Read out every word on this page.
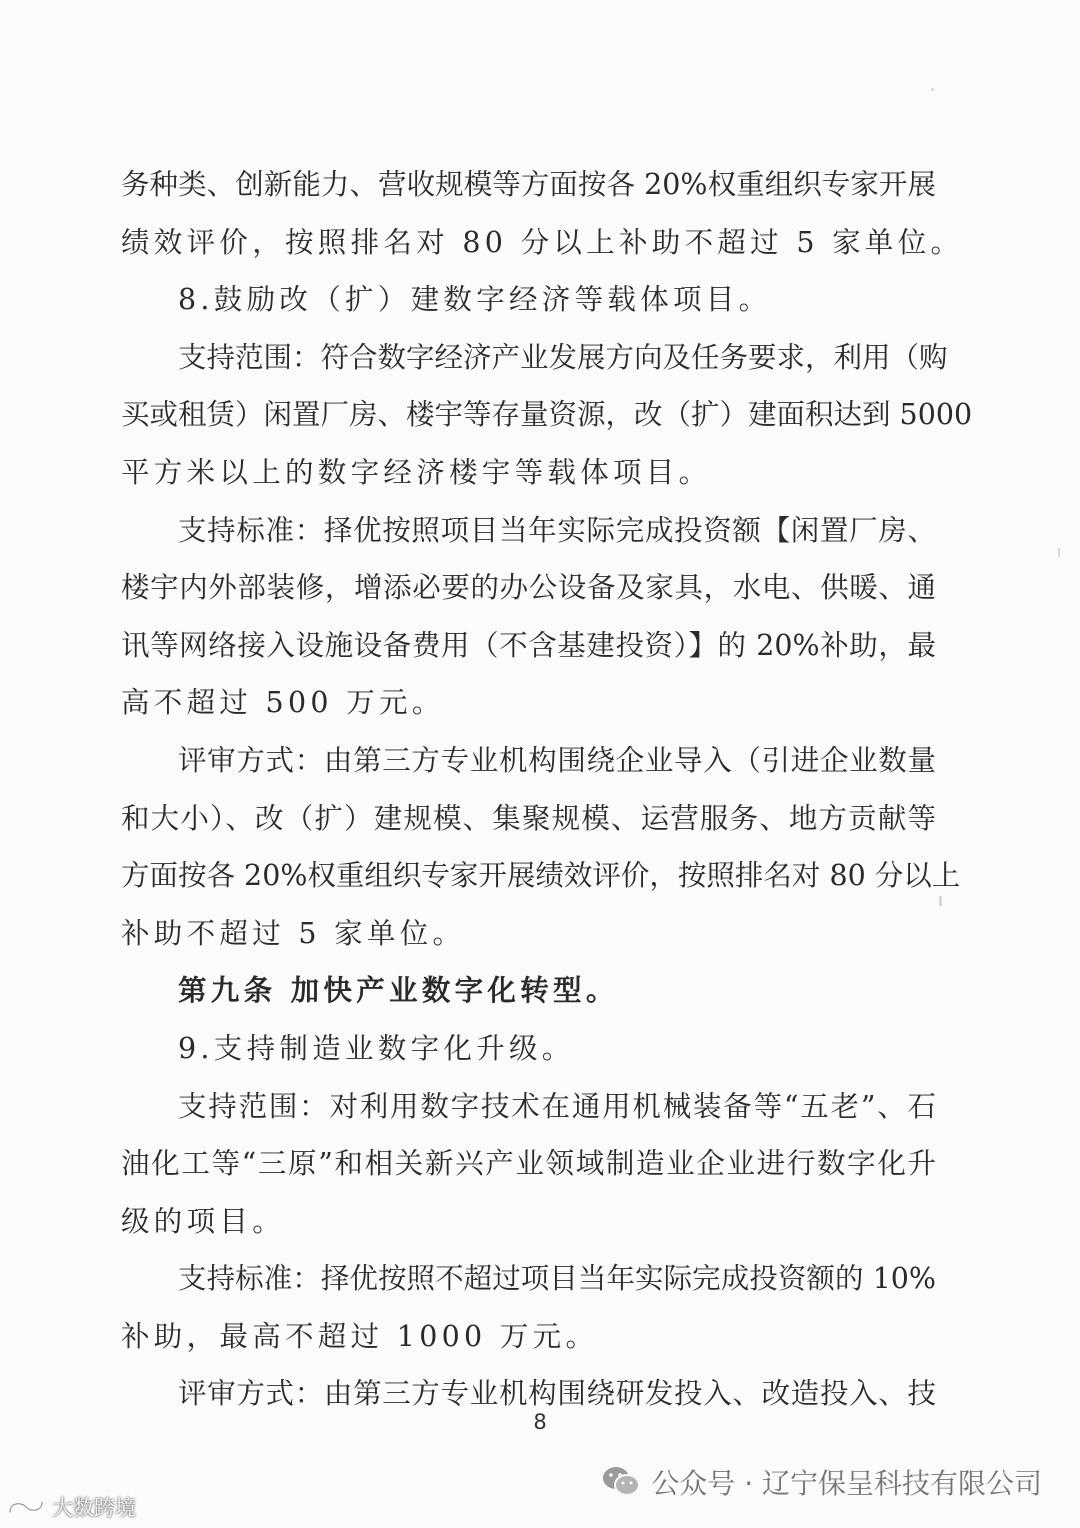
务种类、创新能力、营收规模等方面按各 20%权重组织专家开展
绩效评价，按照排名对 80 分以上补助不超过 5 家单位。
8.鼓励改（扩）建数字经济等载体项目。
支持范围：符合数字经济产业发展方向及任务要求，利用（购
买或租赁）闲置厂房、楼宇等存量资源，改（扩）建面积达到 5000
平方米以上的数字经济楼宇等载体项目。
支持标准：择优按照项目当年实际完成投资额【闲置厂房、
楼宇内外部装修，增添必要的办公设备及家具，水电、供暖、通
讯等网络接入设施设备费用（不含基建投资）】的 20%补助，最
高不超过 500 万元。
评审方式：由第三方专业机构围绕企业导入（引进企业数量
和大小）、改（扩）建规模、集聚规模、运营服务、地方贡献等
方面按各 20%权重组织专家开展绩效评价，按照排名对 80 分以上
补助不超过 5 家单位。
第九条 加快产业数字化转型。
9.支持制造业数字化升级。
支持范围：对利用数字技术在通用机械装备等“五老”、石
油化工等“三原”和相关新兴产业领域制造业企业进行数字化升
级的项目。
支持标准：择优按照不超过项目当年实际完成投资额的 10%
补助，最高不超过 1000 万元。
评审方式：由第三方专业机构围绕研发投入、改造投入、技
8
公众号 · 辽宁保呈科技有限公司
大数跨境
